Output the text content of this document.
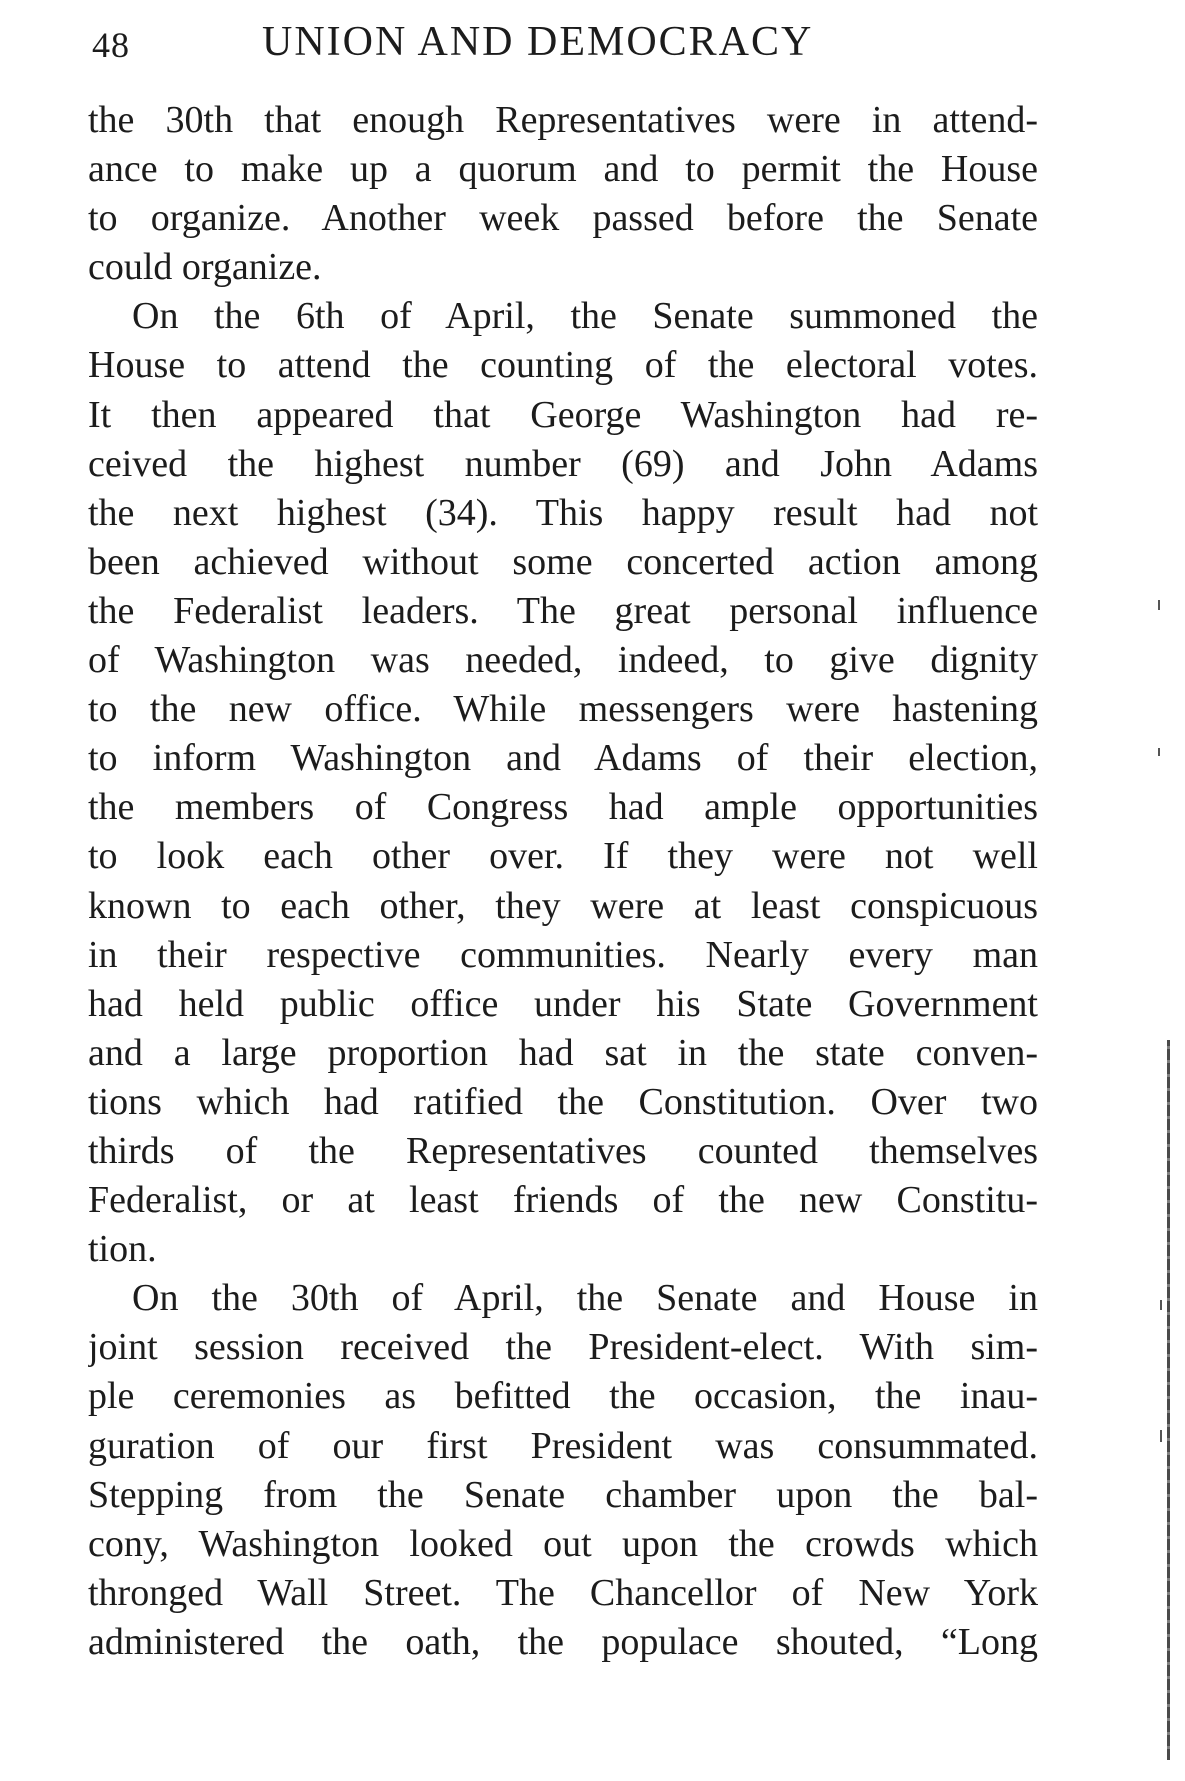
48	UNION AND DEMOCRACY
the 30th that enough Representatives were in attend-
ance to make up a quorum and to permit the House
to organize. Another week passed before the Senate
could organize.
On the 6th of April, the Senate summoned the
House to attend the counting of the electoral votes.
It then appeared that George Washington had re-
ceived the highest number (69) and John Adams
the next highest (34). This happy result had not
been achieved without some concerted action among
the Federalist leaders. The great personal influence
of Washington was needed, indeed, to give dignity
to the new office. While messengers were hastening
to inform Washington and Adams of their election,
the members of Congress had ample opportunities
to look each other over. If they were not well
known to each other, they were at least conspicuous
in their respective communities. Nearly every man
had held public office under his State Government
and a large proportion had sat in the state conven-
tions which had ratified the Constitution. Over two
thirds of the Representatives counted themselves
Federalist, or at least friends of the new Constitu-
tion.
On the 30th of April, the Senate and House in
joint session received the President-elect. With sim-
ple ceremonies as befitted the occasion, the inau-
guration of our first President was consummated.
Stepping from the Senate chamber upon the bal-
cony, Washington looked out upon the crowds which
thronged Wall Street. The Chancellor of New York
administered the oath, the populace shouted, “Long
